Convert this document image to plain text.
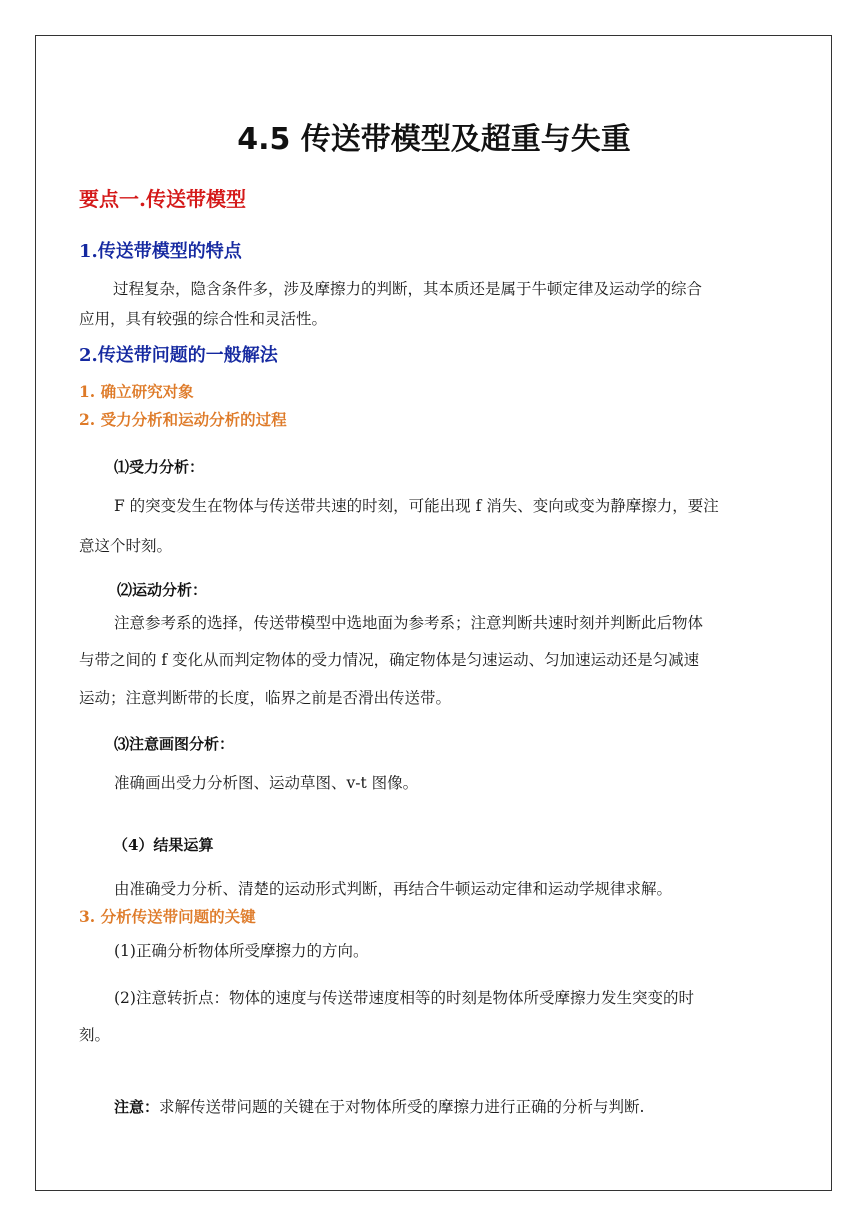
4.5 传送带模型及超重与失重
要点一.传送带模型
1.传送带模型的特点
过程复杂，隐含条件多，涉及摩擦力的判断，其本质还是属于牛顿定律及运动学的综合
应用，具有较强的综合性和灵活性。
2.传送带问题的一般解法
1. 确立研究对象
2. 受力分析和运动分析的过程
⑴受力分析：
F 的突变发生在物体与传送带共速的时刻，可能出现 f 消失、变向或变为静摩擦力，要注
意这个时刻。
⑵运动分析：
注意参考系的选择，传送带模型中选地面为参考系；注意判断共速时刻并判断此后物体
与带之间的 f 变化从而判定物体的受力情况，确定物体是匀速运动、匀加速运动还是匀减速
运动；注意判断带的长度，临界之前是否滑出传送带。
⑶注意画图分析：
准确画出受力分析图、运动草图、v-t 图像。
（4）结果运算
由准确受力分析、清楚的运动形式判断，再结合牛顿运动定律和运动学规律求解。
3. 分析传送带问题的关键
(1)正确分析物体所受摩擦力的方向。
(2)注意转折点：物体的速度与传送带速度相等的时刻是物体所受摩擦力发生突变的时
刻。
注意：求解传送带问题的关键在于对物体所受的摩擦力进行正确的分析与判断.
